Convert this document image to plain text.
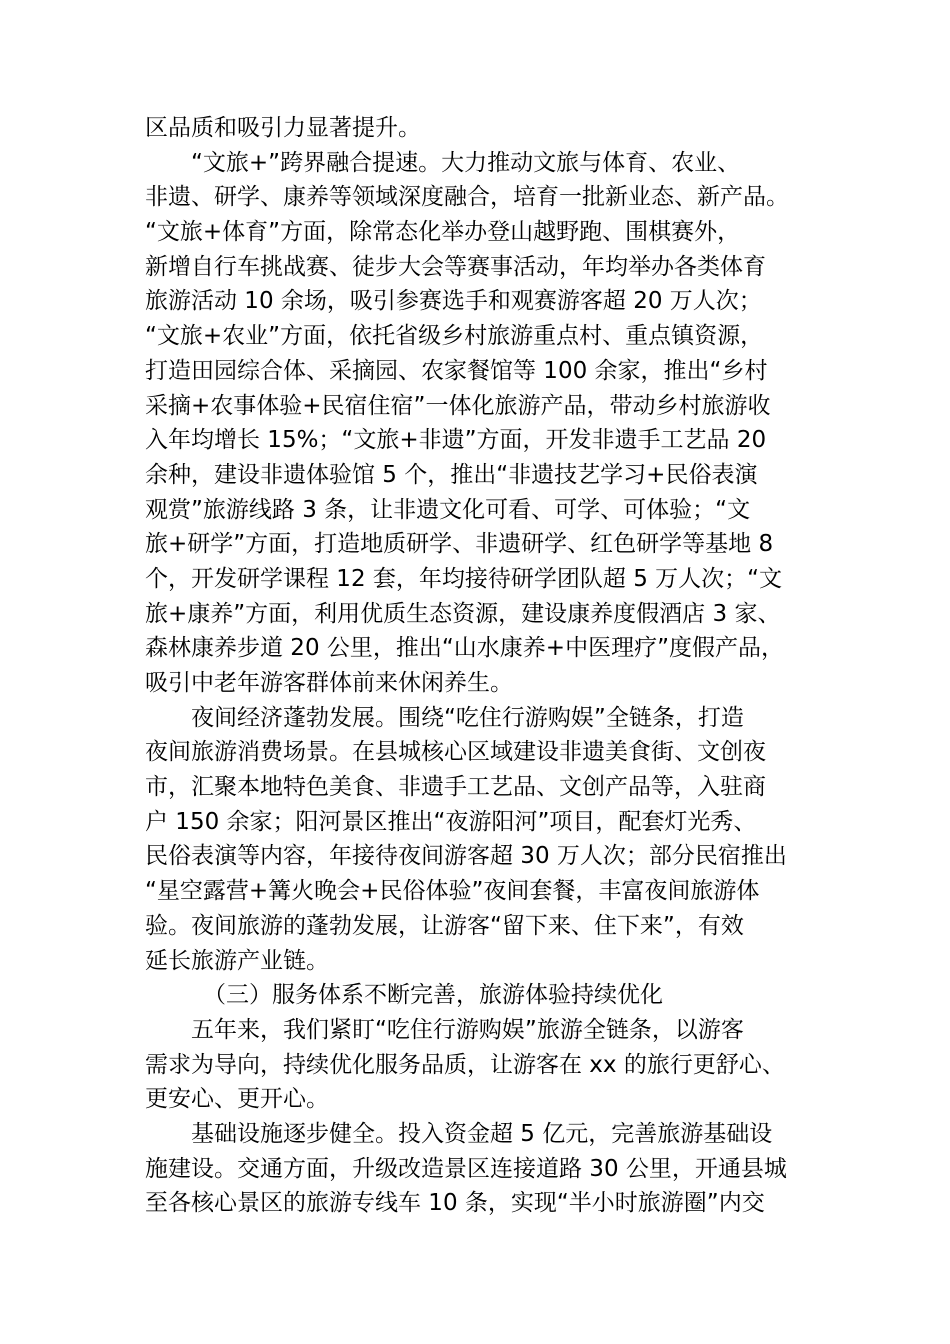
区品质和吸引力显著提升。
“文旅+”跨界融合提速。大力推动文旅与体育、农业、
非遗、研学、康养等领域深度融合，培育一批新业态、新产品。
“文旅+体育”方面，除常态化举办登山越野跑、围棋赛外，
新增自行车挑战赛、徒步大会等赛事活动，年均举办各类体育
旅游活动 10 余场，吸引参赛选手和观赛游客超 20 万人次；
“文旅+农业”方面，依托省级乡村旅游重点村、重点镇资源，
打造田园综合体、采摘园、农家餐馆等 100 余家，推出“乡村
采摘+农事体验+民宿住宿”一体化旅游产品，带动乡村旅游收
入年均增长 15%；“文旅+非遗”方面，开发非遗手工艺品 20
余种，建设非遗体验馆 5 个，推出“非遗技艺学习+民俗表演
观赏”旅游线路 3 条，让非遗文化可看、可学、可体验；“文
旅+研学”方面，打造地质研学、非遗研学、红色研学等基地 8
个，开发研学课程 12 套，年均接待研学团队超 5 万人次；“文
旅+康养”方面，利用优质生态资源，建设康养度假酒店 3 家、
森林康养步道 20 公里，推出“山水康养+中医理疗”度假产品，
吸引中老年游客群体前来休闲养生。
夜间经济蓬勃发展。围绕“吃住行游购娱”全链条，打造
夜间旅游消费场景。在县城核心区域建设非遗美食街、文创夜
市，汇聚本地特色美食、非遗手工艺品、文创产品等，入驻商
户 150 余家；阳河景区推出“夜游阳河”项目，配套灯光秀、
民俗表演等内容，年接待夜间游客超 30 万人次；部分民宿推出
“星空露营+篝火晚会+民俗体验”夜间套餐，丰富夜间旅游体
验。夜间旅游的蓬勃发展，让游客“留下来、住下来”，有效
延长旅游产业链。
（三）服务体系不断完善，旅游体验持续优化
五年来，我们紧盯“吃住行游购娱”旅游全链条，以游客
需求为导向，持续优化服务品质，让游客在 xx 的旅行更舒心、
更安心、更开心。
基础设施逐步健全。投入资金超 5 亿元，完善旅游基础设
施建设。交通方面，升级改造景区连接道路 30 公里，开通县城
至各核心景区的旅游专线车 10 条，实现“半小时旅游圈”内交
